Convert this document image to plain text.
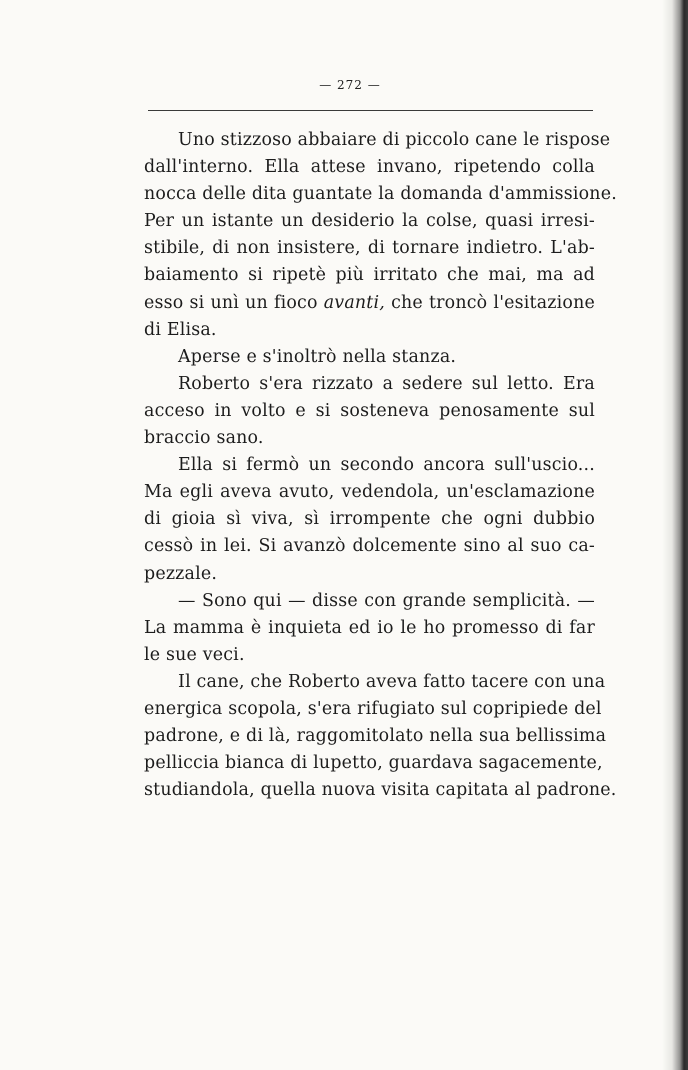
— 272 —
Uno stizzoso abbaiare di piccolo cane le rispose
dall'interno. Ella attese invano, ripetendo colla
nocca delle dita guantate la domanda d'ammissione.
Per un istante un desiderio la colse, quasi irresi-
stibile, di non insistere, di tornare indietro. L'ab-
baiamento si ripetè più irritato che mai, ma ad
esso si unì un fioco avanti, che troncò l'esitazione
di Elisa.
Aperse e s'inoltrò nella stanza.
Roberto s'era rizzato a sedere sul letto. Era
acceso in volto e si sosteneva penosamente sul
braccio sano.
Ella si fermò un secondo ancora sull'uscio...
Ma egli aveva avuto, vedendola, un'esclamazione
di gioia sì viva, sì irrompente che ogni dubbio
cessò in lei. Si avanzò dolcemente sino al suo ca-
pezzale.
— Sono qui — disse con grande semplicità. —
La mamma è inquieta ed io le ho promesso di far
le sue veci.
Il cane, che Roberto aveva fatto tacere con una
energica scopola, s'era rifugiato sul copripiede del
padrone, e di là, raggomitolato nella sua bellissima
pelliccia bianca di lupetto, guardava sagacemente,
studiandola, quella nuova visita capitata al padrone.
